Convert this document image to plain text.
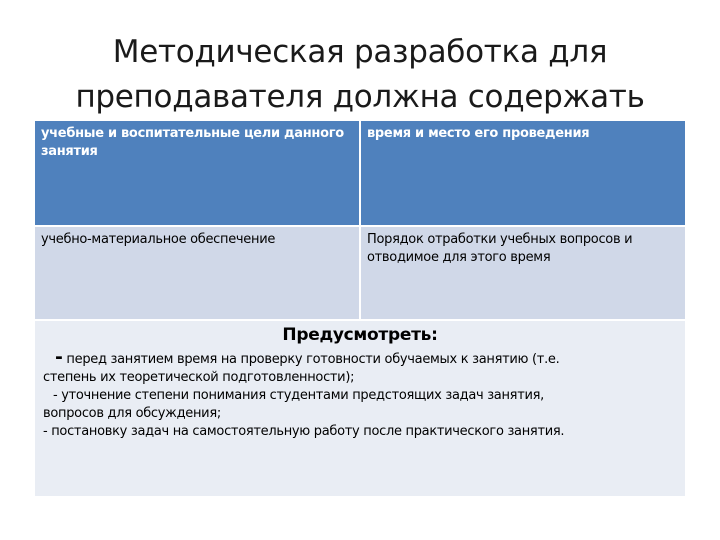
Методическая разработка для
преподавателя должна содержать
учебные и воспитательные цели данного занятия
время и место его проведения
учебно-материальное обеспечение	Порядок отработки учебных вопросов и отводимое для этого время
Предусмотреть:
- перед занятием время на проверку готовности обучаемых к занятию (т.е.
степень их теоретической подготовленности);
- уточнение степени понимания студентами предстоящих задач занятия,
вопросов для обсуждения;
- постановку задач на самостоятельную работу после практического занятия.
